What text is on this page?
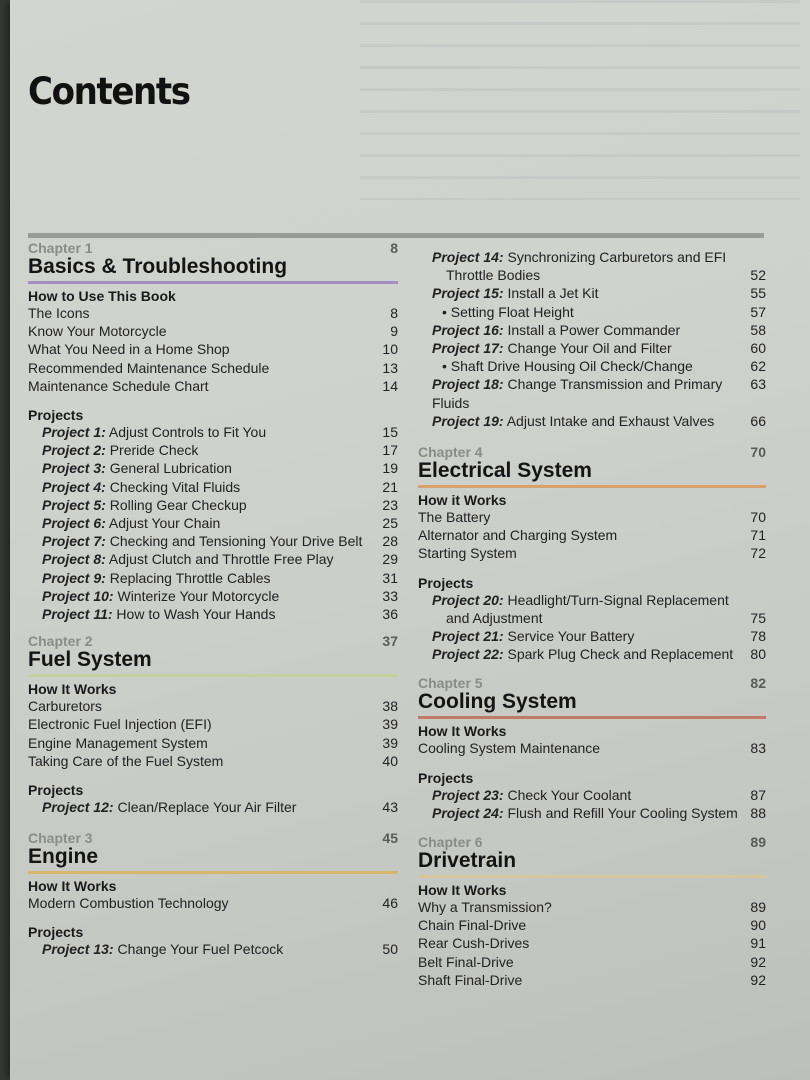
Contents
Chapter 1	8
Basics & Troubleshooting
How to Use This Book
The Icons	8
Know Your Motorcycle	9
What You Need in a Home Shop	10
Recommended Maintenance Schedule	13
Maintenance Schedule Chart	14
Projects
Project 1: Adjust Controls to Fit You	15
Project 2: Preride Check	17
Project 3: General Lubrication	19
Project 4: Checking Vital Fluids	21
Project 5: Rolling Gear Checkup	23
Project 6: Adjust Your Chain	25
Project 7: Checking and Tensioning Your Drive Belt	28
Project 8: Adjust Clutch and Throttle Free Play	29
Project 9: Replacing Throttle Cables	31
Project 10: Winterize Your Motorcycle	33
Project 11: How to Wash Your Hands	36
Chapter 2	37
Fuel System
How It Works
Carburetors	38
Electronic Fuel Injection (EFI)	39
Engine Management System	39
Taking Care of the Fuel System	40
Projects
Project 12: Clean/Replace Your Air Filter	43
Chapter 3	45
Engine
How It Works
Modern Combustion Technology	46
Projects
Project 13: Change Your Fuel Petcock	50
Project 14: Synchronizing Carburetors and EFI
Throttle Bodies	52
Project 15: Install a Jet Kit	55
• Setting Float Height	57
Project 16: Install a Power Commander	58
Project 17: Change Your Oil and Filter	60
• Shaft Drive Housing Oil Check/Change	62
Project 18: Change Transmission and Primary Fluids
63
Project 19: Adjust Intake and Exhaust Valves	66
Chapter 4	70
Electrical System
How it Works
The Battery	70
Alternator and Charging System	71
Starting System	72
Projects
Project 20: Headlight/Turn-Signal Replacement
and Adjustment	75
Project 21: Service Your Battery	78
Project 22: Spark Plug Check and Replacement	80
Chapter 5	82
Cooling System
How It Works
Cooling System Maintenance	83
Projects
Project 23: Check Your Coolant	87
Project 24: Flush and Refill Your Cooling System 88
Chapter 6	89
Drivetrain
How It Works
Why a Transmission?	89
Chain Final-Drive	90
Rear Cush-Drives	91
Belt Final-Drive	92
Shaft Final-Drive	92
